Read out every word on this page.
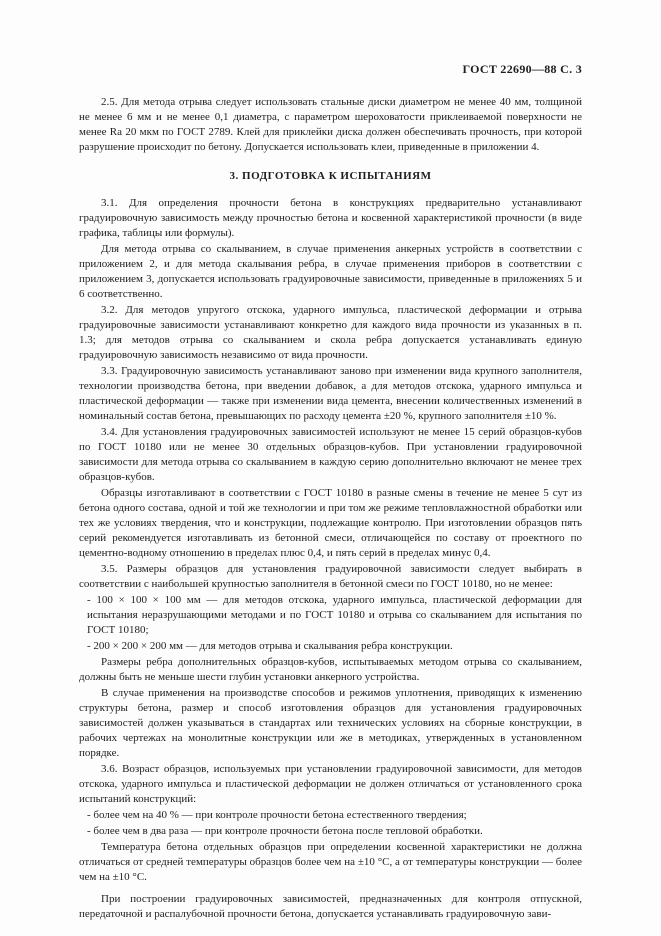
ГОСТ 22690—88 С. 3

2.5. Для метода отрыва следует использовать стальные диски диаметром не менее 40 мм, толщиной не менее 6 мм и не менее 0,1 диаметра, с параметром шероховатости приклеиваемой поверхности не менее Ra 20 мкм по ГОСТ 2789. Клей для приклейки диска должен обеспечивать прочность, при которой разрушение происходит по бетону. Допускается использовать клеи, приведенные в приложении 4.

3. ПОДГОТОВКА К ИСПЫТАНИЯМ

3.1. Для определения прочности бетона в конструкциях предварительно устанавливают градуировочную зависимость между прочностью бетона и косвенной характеристикой прочности (в виде графика, таблицы или формулы).

Для метода отрыва со скалыванием, в случае применения анкерных устройств в соответствии с приложением 2, и для метода скалывания ребра, в случае применения приборов в соответствии с приложением 3, допускается использовать градуировочные зависимости, приведенные в приложениях 5 и 6 соответственно.

3.2. Для методов упругого отскока, ударного импульса, пластической деформации и отрыва градуировочные зависимости устанавливают конкретно для каждого вида прочности из указанных в п. 1.3; для методов отрыва со скалыванием и скола ребра допускается устанавливать единую градуировочную зависимость независимо от вида прочности.

3.3. Градуировочную зависимость устанавливают заново при изменении вида крупного заполнителя, технологии производства бетона, при введении добавок, а для методов отскока, ударного импульса и пластической деформации — также при изменении вида цемента, внесении количественных изменений в номинальный состав бетона, превышающих по расходу цемента ±20 %, крупного заполнителя ±10 %.

3.4. Для установления градуировочных зависимостей используют не менее 15 серий образцов-кубов по ГОСТ 10180 или не менее 30 отдельных образцов-кубов. При установлении градуировочной зависимости для метода отрыва со скалыванием в каждую серию дополнительно включают не менее трех образцов-кубов.

Образцы изготавливают в соответствии с ГОСТ 10180 в разные смены в течение не менее 5 сут из бетона одного состава, одной и той же технологии и при том же режиме тепловлажностной обработки или тех же условиях твердения, что и конструкции, подлежащие контролю. При изготовлении образцов пять серий рекомендуется изготавливать из бетонной смеси, отличающейся по составу от проектного по цементно-водному отношению в пределах плюс 0,4, и пять серий в пределах минус 0,4.

3.5. Размеры образцов для установления градуировочной зависимости следует выбирать в соответствии с наибольшей крупностью заполнителя в бетонной смеси по ГОСТ 10180, но не менее:

- 100 × 100 × 100 мм — для методов отскока, ударного импульса, пластической деформации для испытания неразрушающими методами и по ГОСТ 10180 и отрыва со скалыванием для испытания по ГОСТ 10180;

- 200 × 200 × 200 мм — для методов отрыва и скалывания ребра конструкции.

Размеры ребра дополнительных образцов-кубов, испытываемых методом отрыва со скалыванием, должны быть не меньше шести глубин установки анкерного устройства.

В случае применения на производстве способов и режимов уплотнения, приводящих к изменению структуры бетона, размер и способ изготовления образцов для установления градуировочных зависимостей должен указываться в стандартах или технических условиях на сборные конструкции, в рабочих чертежах на монолитные конструкции или же в методиках, утвержденных в установленном порядке.

3.6. Возраст образцов, используемых при установлении градуировочной зависимости, для методов отскока, ударного импульса и пластической деформации не должен отличаться от установленного срока испытаний конструкций:

- более чем на 40 % — при контроле прочности бетона естественного твердения;

- более чем в два раза — при контроле прочности бетона после тепловой обработки.

Температура бетона отдельных образцов при определении косвенной характеристики не должна отличаться от средней температуры образцов более чем на ±10 °С, а от температуры конструкции — более чем на ±10 °С.

При построении градуировочных зависимостей, предназначенных для контроля отпускной, передаточной и распалубочной прочности бетона, допускается устанавливать градуировочную зави-
